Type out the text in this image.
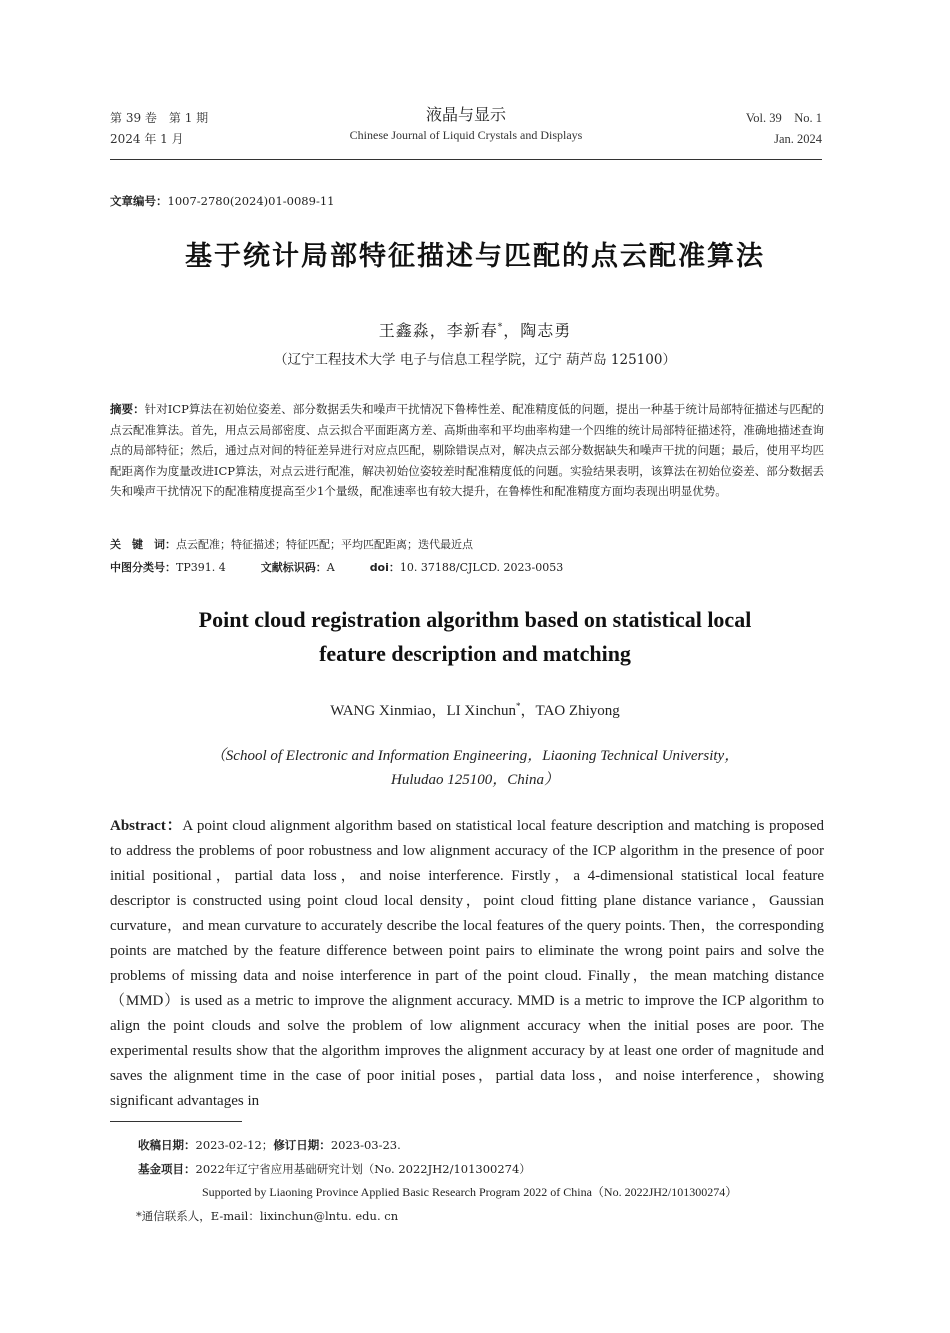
第 39 卷　第 1 期
2024 年 1 月
液晶与显示
Chinese Journal of Liquid Crystals and Displays
Vol. 39　No. 1
Jan. 2024
文章编号：1007-2780(2024)01-0089-11
基于统计局部特征描述与匹配的点云配准算法
王鑫淼，李新春*，陶志勇
（辽宁工程技术大学 电子与信息工程学院，辽宁 葫芦岛 125100）
摘要：针对ICP算法在初始位姿差、部分数据丢失和噪声干扰情况下鲁棒性差、配准精度低的问题，提出一种基于统计局部特征描述与匹配的点云配准算法。首先，用点云局部密度、点云拟合平面距离方差、高斯曲率和平均曲率构建一个四维的统计局部特征描述符，准确地描述查询点的局部特征；然后，通过点对间的特征差异进行对应点匹配，剔除错误点对，解决点云部分数据缺失和噪声干扰的问题；最后，使用平均匹配距离作为度量改进ICP算法，对点云进行配准，解决初始位姿较差时配准精度低的问题。实验结果表明，该算法在初始位姿差、部分数据丢失和噪声干扰情况下的配准精度提高至少1个量级，配准速率也有较大提升，在鲁棒性和配准精度方面均表现出明显优势。
关　键　词：点云配准；特征描述；特征匹配；平均匹配距离；迭代最近点
中图分类号：TP391. 4	文献标识码：A	doi：10. 37188/CJLCD. 2023-0053
Point cloud registration algorithm based on statistical local
feature description and matching
WANG Xinmiao，LI Xinchun*，TAO Zhiyong
（School of Electronic and Information Engineering，Liaoning Technical University，
Huludao 125100，China）
Abstract：A point cloud alignment algorithm based on statistical local feature description and matching is proposed to address the problems of poor robustness and low alignment accuracy of the ICP algorithm in the presence of poor initial positional，partial data loss，and noise interference. Firstly，a 4-dimensional statistical local feature descriptor is constructed using point cloud local density，point cloud fitting plane distance variance，Gaussian curvature，and mean curvature to accurately describe the local features of the query points. Then，the corresponding points are matched by the feature difference between point pairs to eliminate the wrong point pairs and solve the problems of missing data and noise interference in part of the point cloud. Finally，the mean matching distance（MMD）is used as a metric to improve the alignment accuracy. MMD is a metric to improve the ICP algorithm to align the point clouds and solve the problem of low alignment accuracy when the initial poses are poor. The experimental results show that the algorithm improves the alignment accuracy by at least one order of magnitude and saves the alignment time in the case of poor initial poses，partial data loss，and noise interference，showing significant advantages in
收稿日期：2023-02-12；修订日期：2023-03-23.
基金项目：2022年辽宁省应用基础研究计划（No. 2022JH2/101300274）
Supported by Liaoning Province Applied Basic Research Program 2022 of China（No. 2022JH2/101300274）
*通信联系人，E-mail：lixinchun@lntu. edu. cn
